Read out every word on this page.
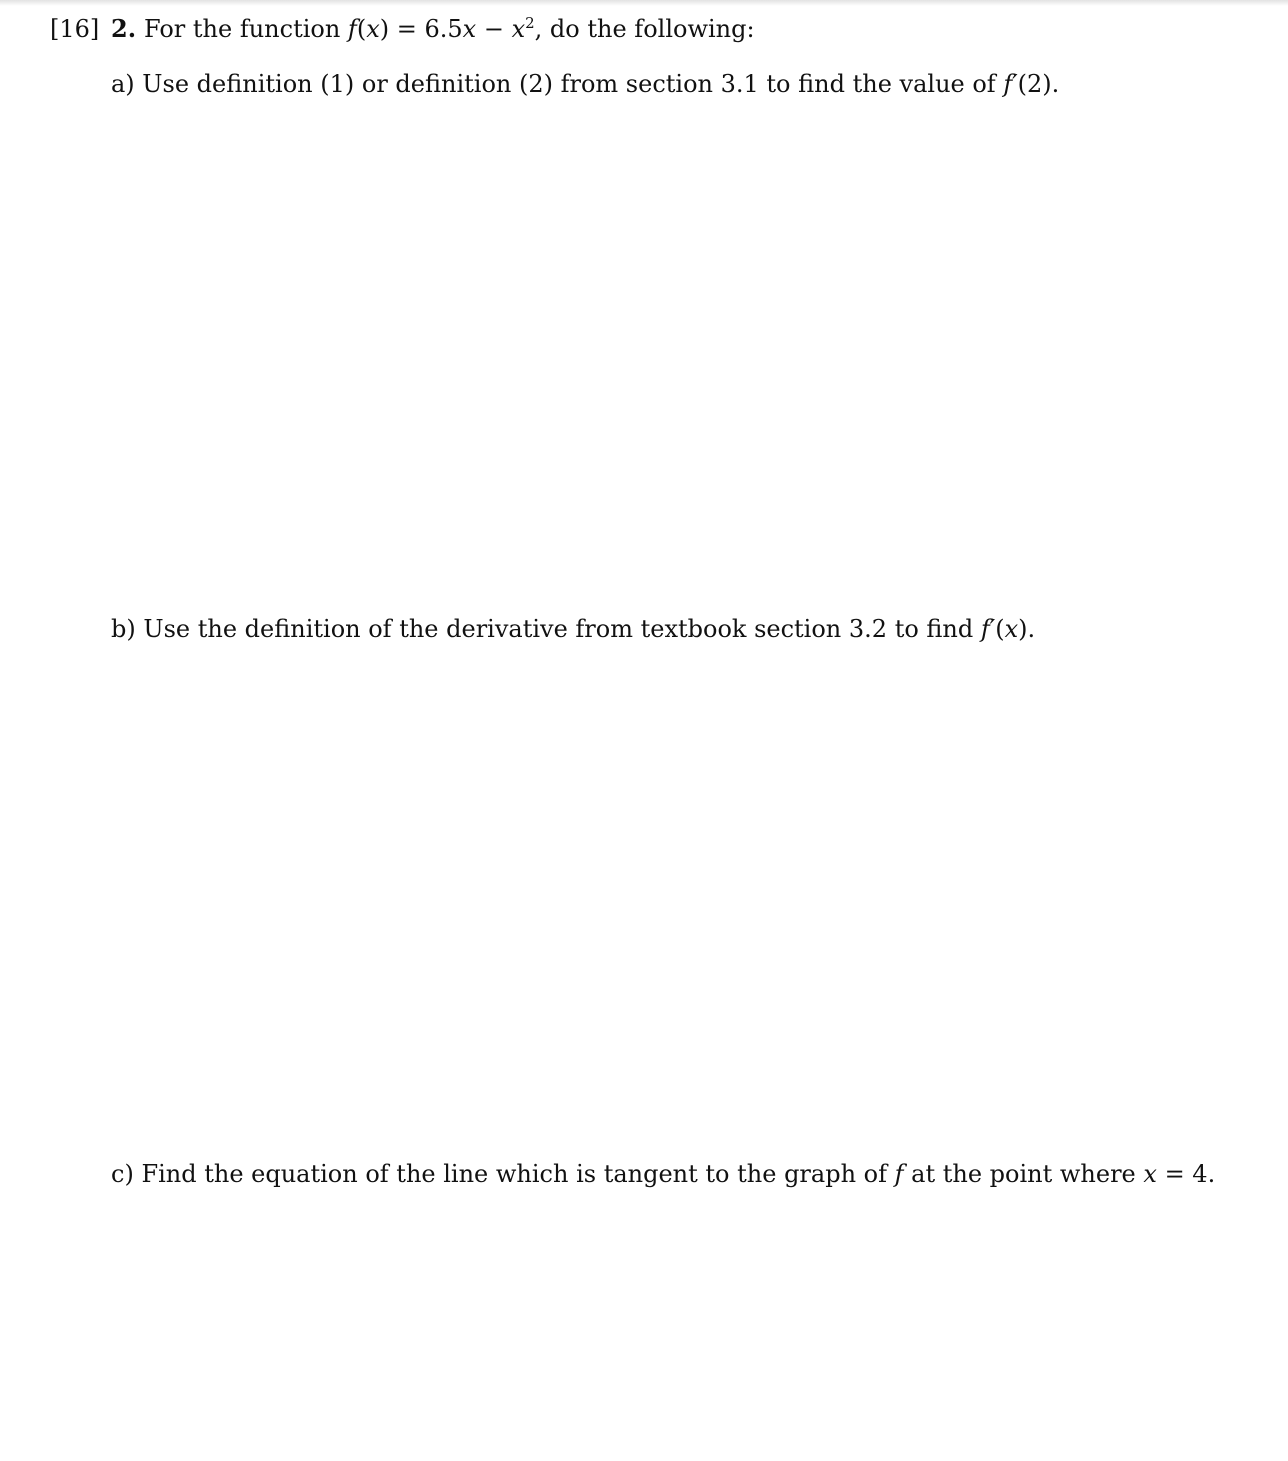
[16] 2. For the function $f(x) = 6.5x - x^2$, do the following:
a) Use definition (1) or definition (2) from section 3.1 to find the value of f′(2).
b) Use the definition of the derivative from textbook section 3.2 to find f′(x).
c) Find the equation of the line which is tangent to the graph of f at the point where x = 4.
